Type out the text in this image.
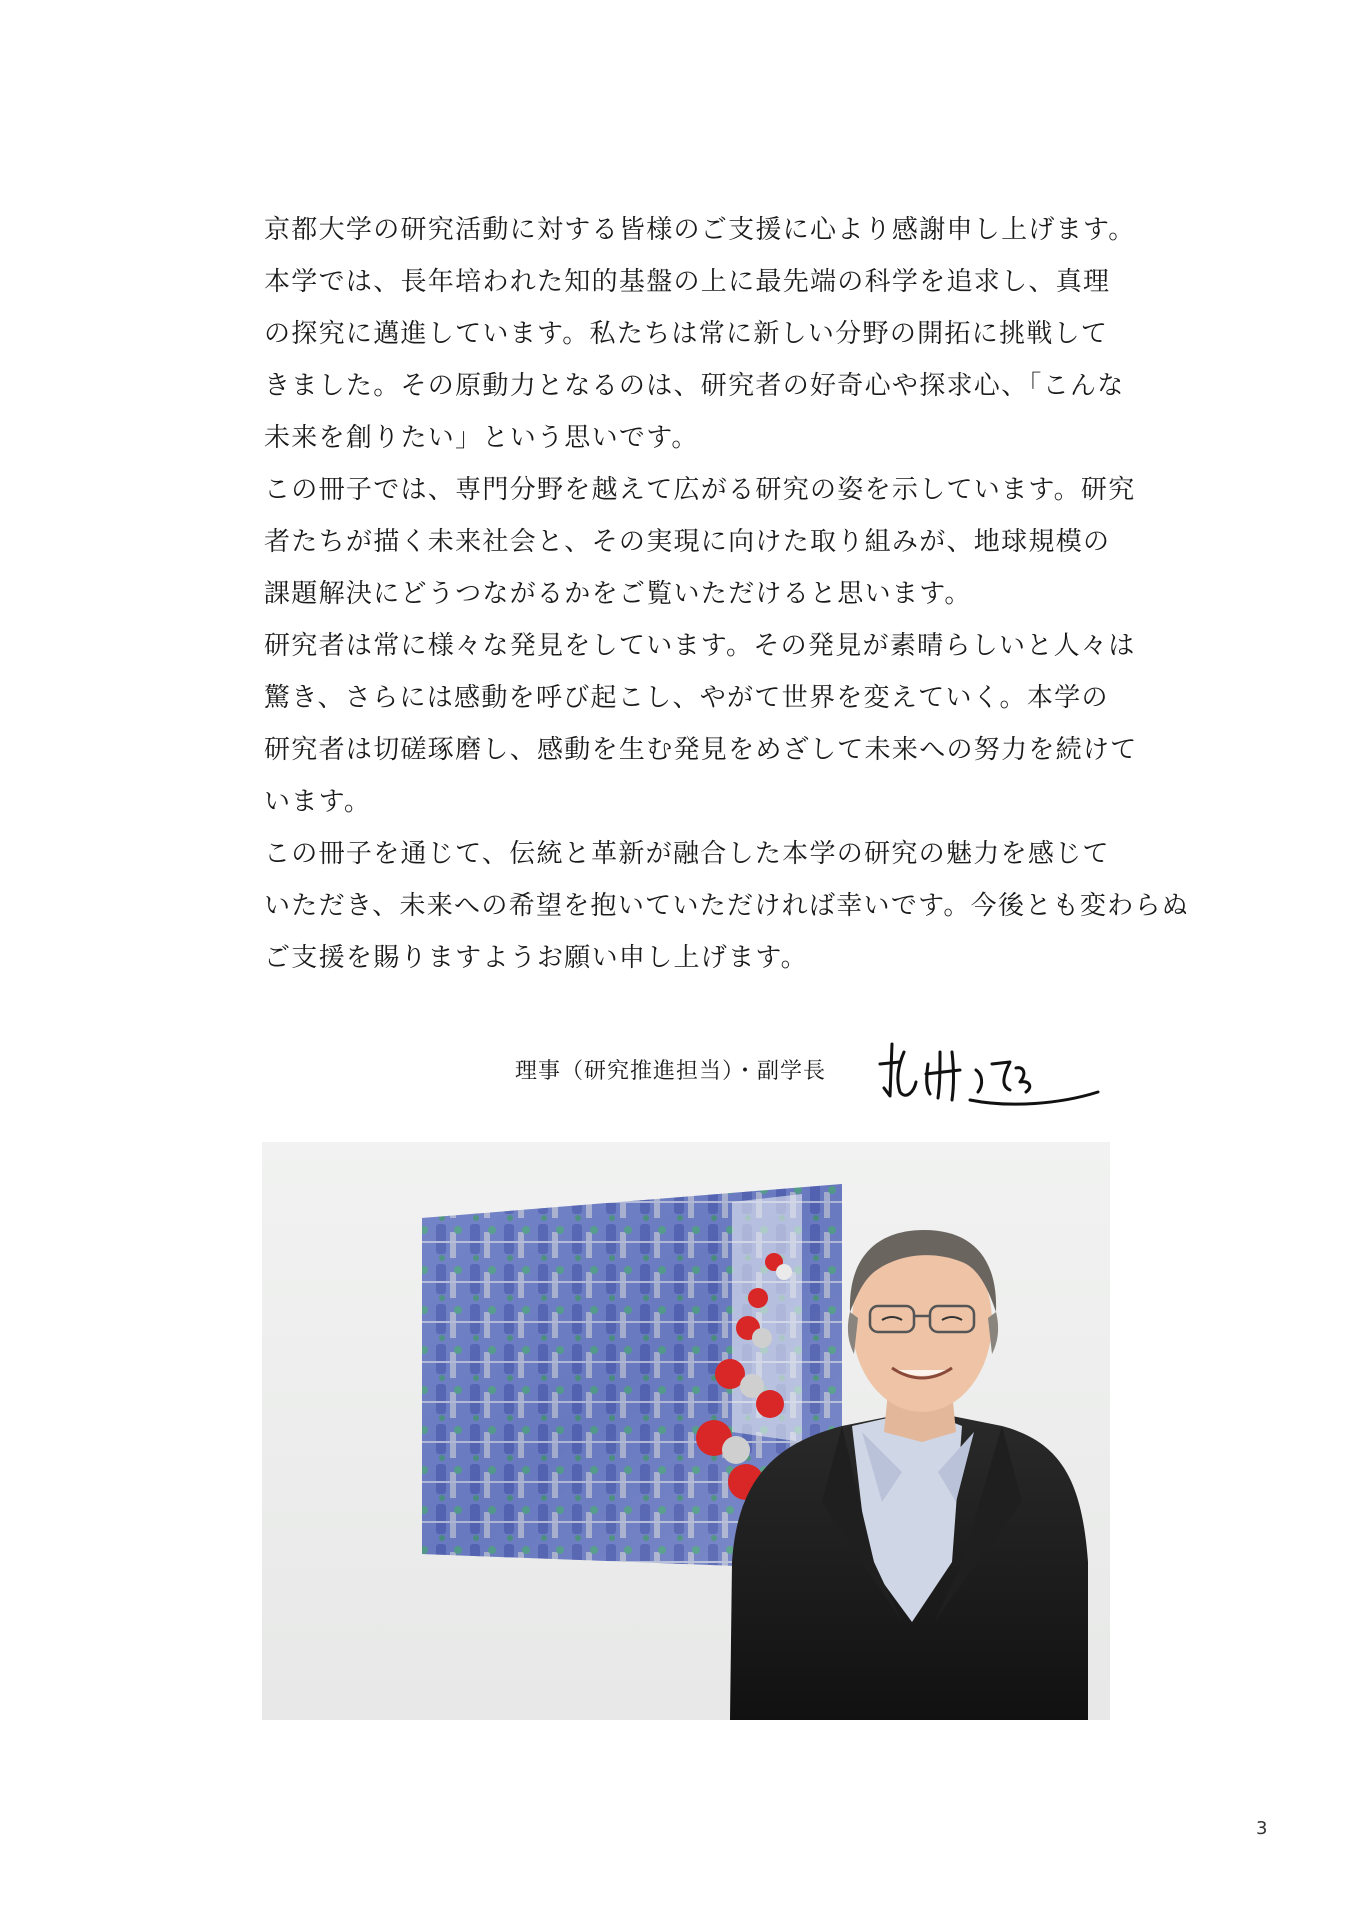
京都大学の研究活動に対する皆様のご支援に心より感謝申し上げます。
本学では、長年培われた知的基盤の上に最先端の科学を追求し、真理
の探究に邁進しています。私たちは常に新しい分野の開拓に挑戦して
きました。その原動力となるのは、研究者の好奇心や探求心、「こんな
未来を創りたい」という思いです。
この冊子では、専門分野を越えて広がる研究の姿を示しています。研究
者たちが描く未来社会と、その実現に向けた取り組みが、地球規模の
課題解決にどうつながるかをご覧いただけると思います。
研究者は常に様々な発見をしています。その発見が素晴らしいと人々は
驚き、さらには感動を呼び起こし、やがて世界を変えていく。本学の
研究者は切磋琢磨し、感動を生む発見をめざして未来への努力を続けて
います。
この冊子を通じて、伝統と革新が融合した本学の研究の魅力を感じて
いただき、未来への希望を抱いていただければ幸いです。今後とも変わらぬ
ご支援を賜りますようお願い申し上げます。
理事（研究推進担当）・副学長
3
